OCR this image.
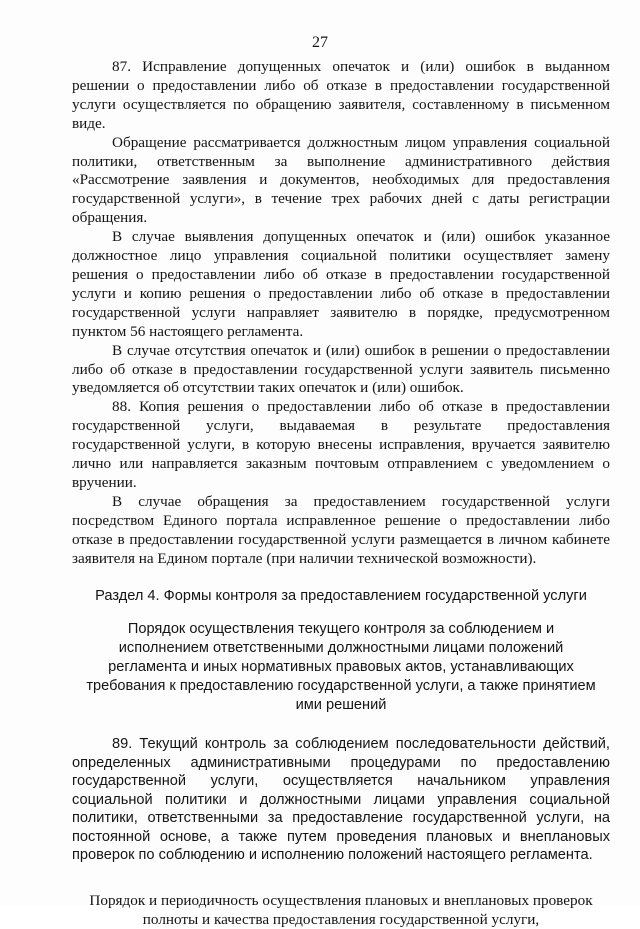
27

87. Исправление допущенных опечаток и (или) ошибок в выданном решении о предоставлении либо об отказе в предоставлении государственной услуги осуществляется по обращению заявителя, составленному в письменном виде.

Обращение рассматривается должностным лицом управления социальной политики, ответственным за выполнение административного действия «Рассмотрение заявления и документов, необходимых для предоставления государственной услуги», в течение трех рабочих дней с даты регистрации обращения.

В случае выявления допущенных опечаток и (или) ошибок указанное должностное лицо управления социальной политики осуществляет замену решения о предоставлении либо об отказе в предоставлении государственной услуги и копию решения о предоставлении либо об отказе в предоставлении государственной услуги направляет заявителю в порядке, предусмотренном пунктом 56 настоящего регламента.

В случае отсутствия опечаток и (или) ошибок в решении о предоставлении либо об отказе в предоставлении государственной услуги заявитель письменно уведомляется об отсутствии таких опечаток и (или) ошибок.

88. Копия решения о предоставлении либо об отказе в предоставлении государственной услуги, выдаваемая в результате предоставления государственной услуги, в которую внесены исправления, вручается заявителю лично или направляется заказным почтовым отправлением с уведомлением о вручении.

В случае обращения за предоставлением государственной услуги посредством Единого портала исправленное решение о предоставлении либо отказе в предоставлении государственной услуги размещается в личном кабинете заявителя на Едином портале (при наличии технической возможности).

Раздел 4. Формы контроля за предоставлением государственной услуги

Порядок осуществления текущего контроля за соблюдением и исполнением ответственными должностными лицами положений регламента и иных нормативных правовых актов, устанавливающих требования к предоставлению государственной услуги, а также принятием ими решений

89. Текущий контроль за соблюдением последовательности действий, определенных административными процедурами по предоставлению государственной услуги, осуществляется начальником управления социальной политики и должностными лицами управления социальной политики, ответственными за предоставление государственной услуги, на постоянной основе, а также путем проведения плановых и внеплановых проверок по соблюдению и исполнению положений настоящего регламента.

Порядок и периодичность осуществления плановых и внеплановых проверок полноты и качества предоставления государственной услуги,
